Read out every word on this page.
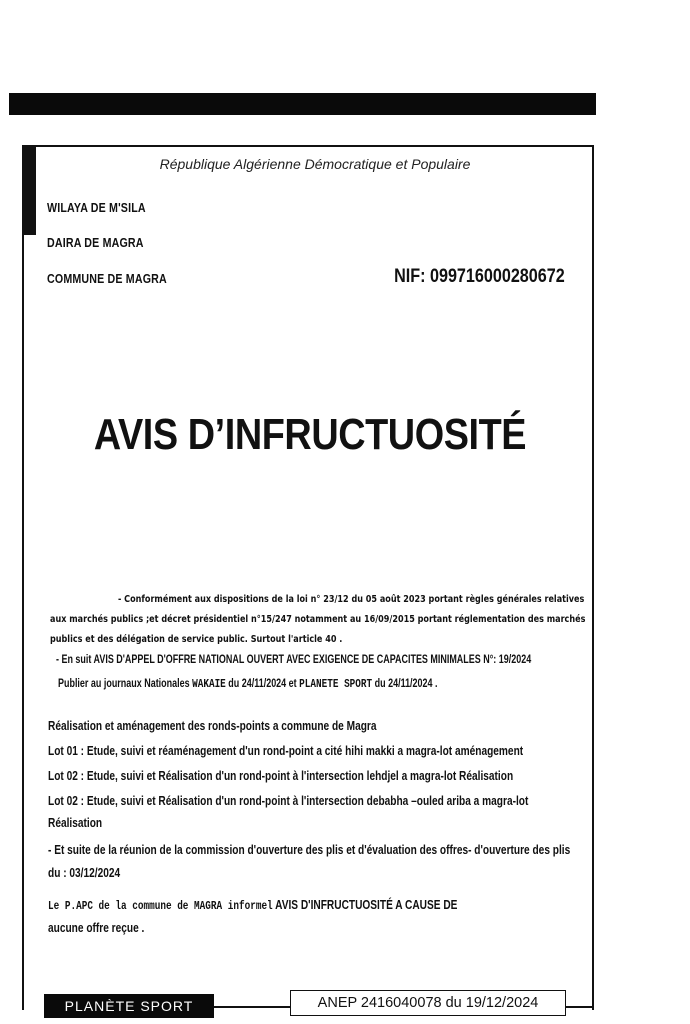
République Algérienne Démocratique et Populaire
WILAYA DE M'SILA
DAIRA DE MAGRA
COMMUNE DE MAGRA	NIF: 099716000280672
AVIS D’INFRUCTUOSITÉ
- Conformément aux dispositions de la loi n° 23/12 du 05 août 2023 portant règles générales relatives aux marchés publics ;et décret présidentiel n°15/247 notamment au 16/09/2015 portant réglementation des marchés publics et des délégation de service public. Surtout l'article 40 .
- En suit AVIS D'APPEL D'OFFRE NATIONAL OUVERT AVEC EXIGENCE DE CAPACITES MINIMALES N°: 19/2024
Publier au journaux Nationales WAKAIE du 24/11/2024 et PLANETE SPORT du 24/11/2024 .
Réalisation et aménagement des ronds-points a commune de Magra
Lot 01 : Etude, suivi et réaménagement d'un rond-point a cité hihi makki a magra-lot aménagement
Lot 02 : Etude, suivi et Réalisation d'un rond-point à l'intersection lehdjel a magra-lot Réalisation
Lot 02 : Etude, suivi et Réalisation d'un rond-point à l'intersection debabha –ouled ariba a magra-lot
Réalisation
- Et suite de la réunion de la commission d'ouverture des plis et d'évaluation des offres- d'ouverture des plis
du : 03/12/2024
Le P.APC de la commune de MAGRA informel AVIS D'INFRUCTUOSITÉ A CAUSE DE
aucune offre reçue .
PLANÈTE SPORT	ANEP 2416040078 du 19/12/2024
